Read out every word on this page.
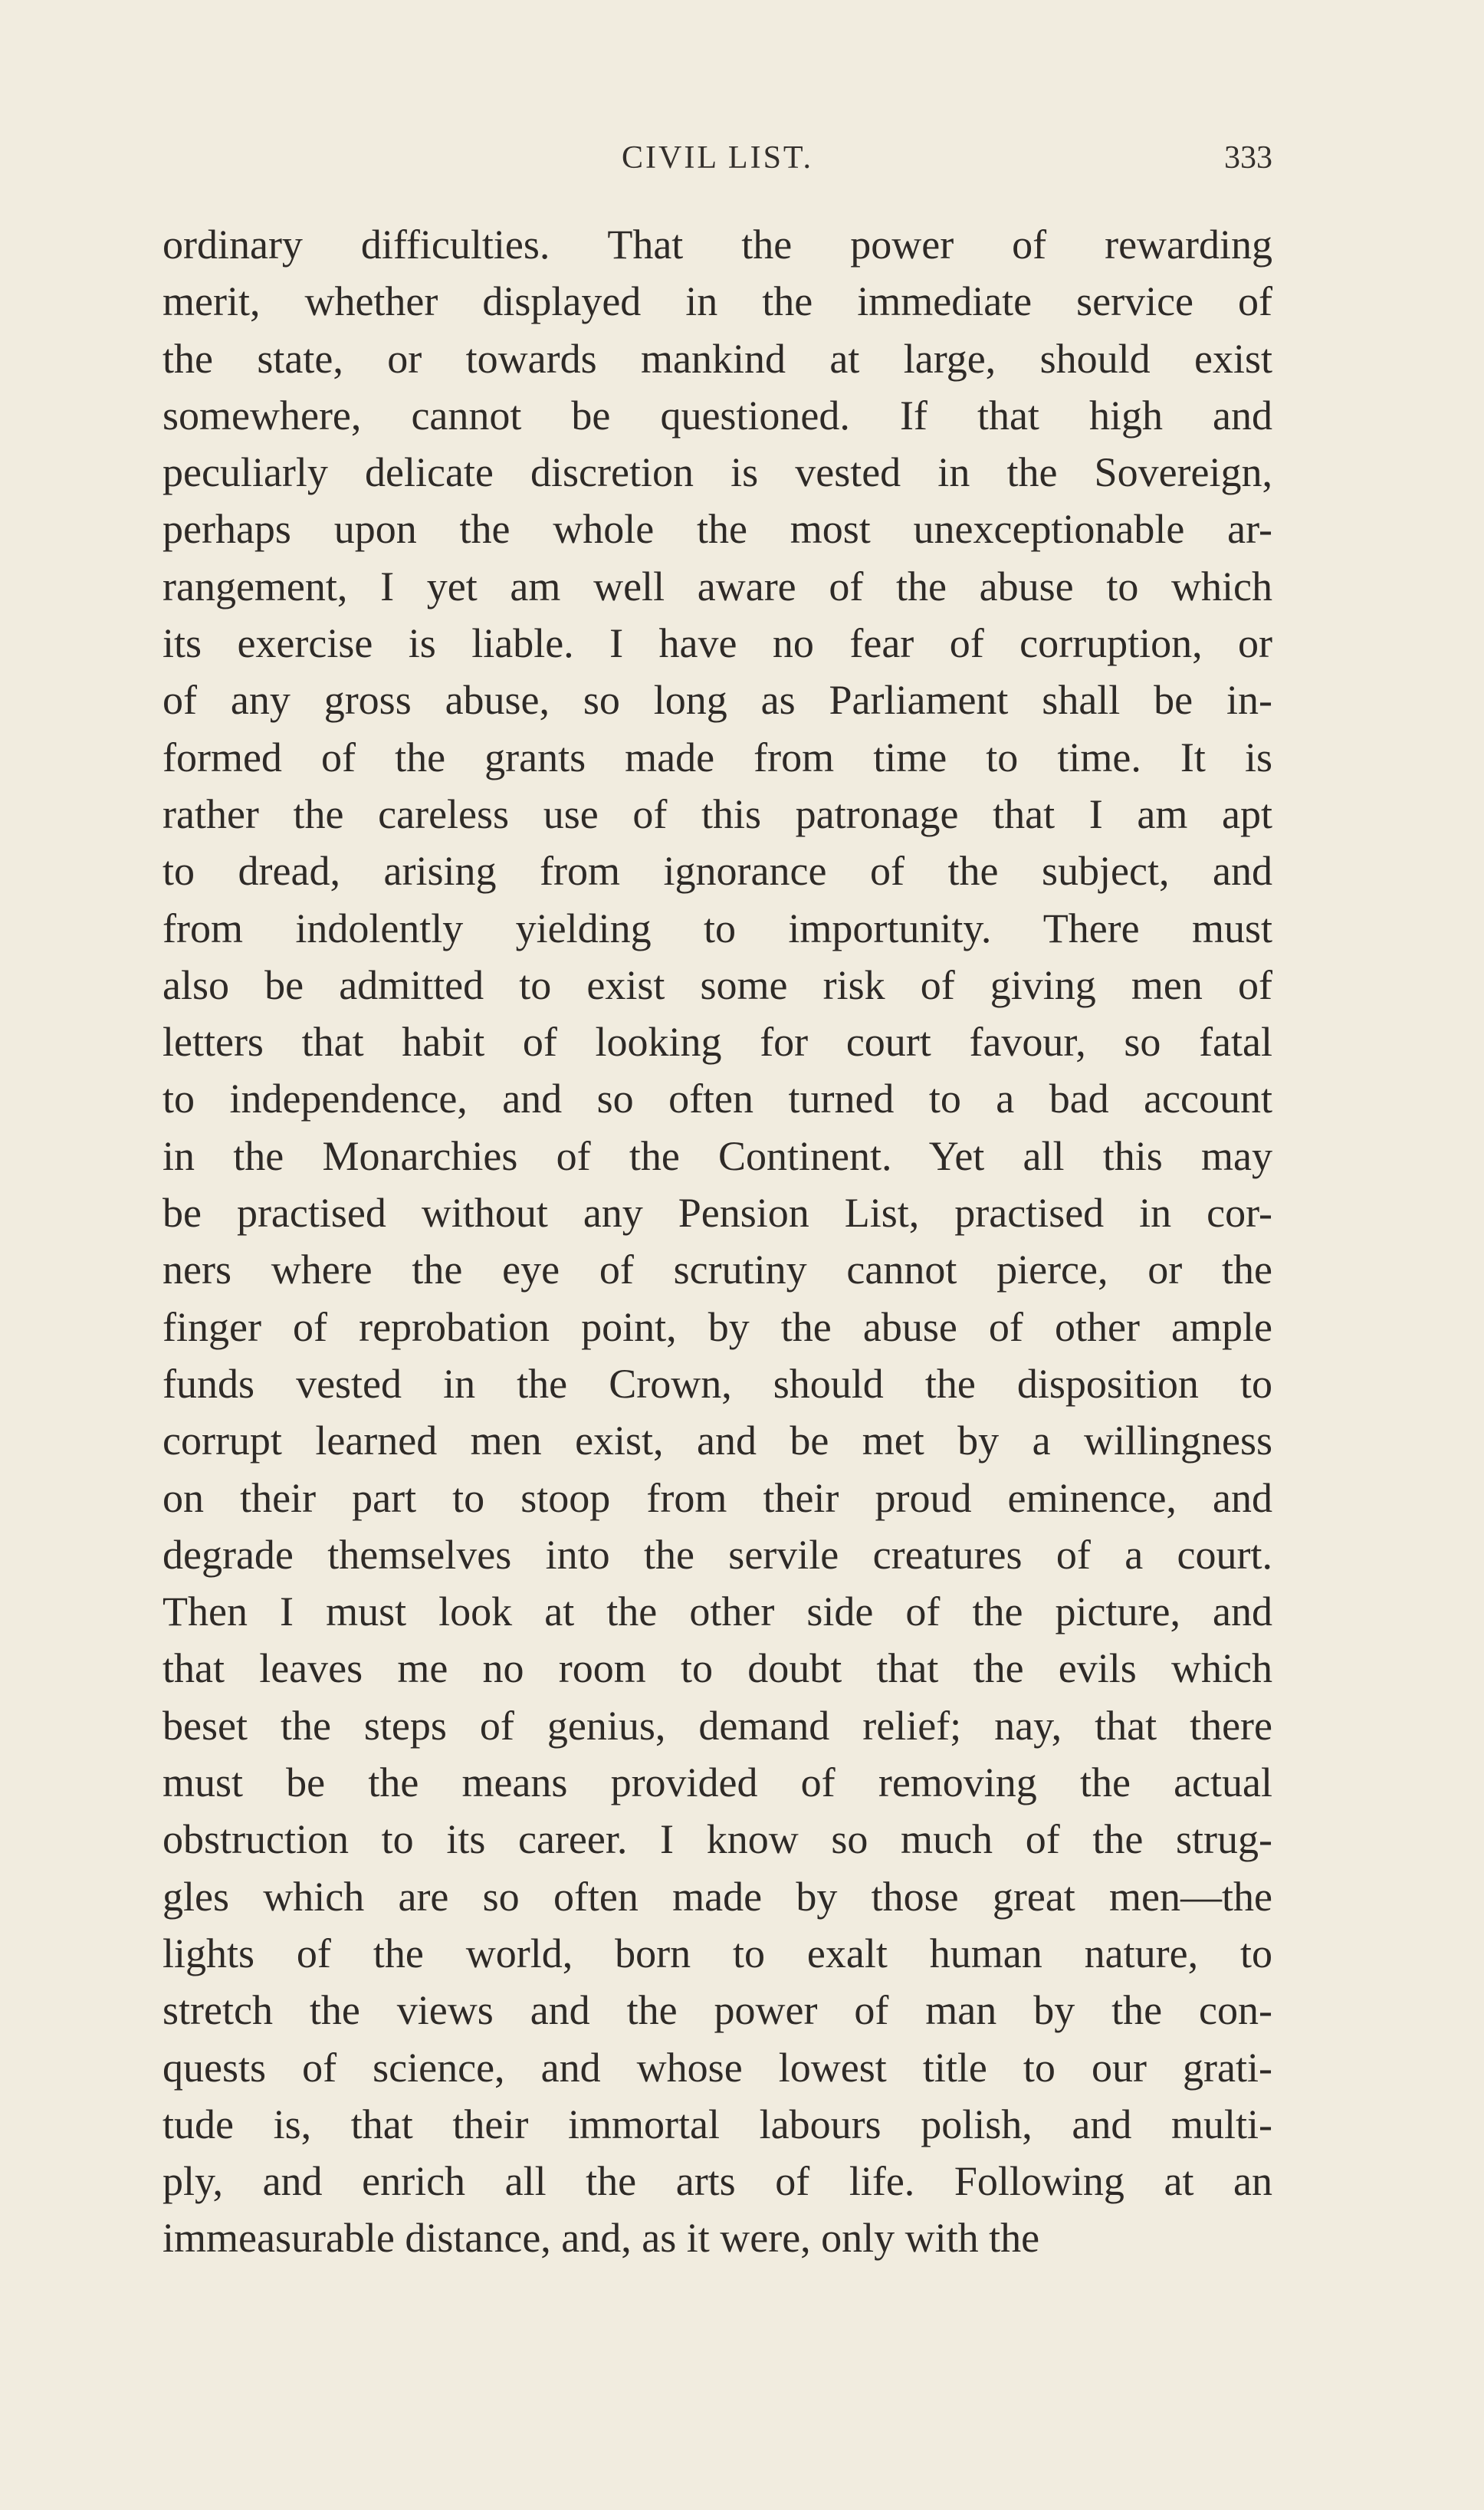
CIVIL LIST.	333
ordinary difficulties. That the power of rewarding
merit, whether displayed in the immediate service of
the state, or towards mankind at large, should exist
somewhere, cannot be questioned. If that high and
peculiarly delicate discretion is vested in the Sovereign,
perhaps upon the whole the most unexceptionable ar-
rangement, I yet am well aware of the abuse to which
its exercise is liable. I have no fear of corruption, or
of any gross abuse, so long as Parliament shall be in-
formed of the grants made from time to time. It is
rather the careless use of this patronage that I am apt
to dread, arising from ignorance of the subject, and
from indolently yielding to importunity. There must
also be admitted to exist some risk of giving men of
letters that habit of looking for court favour, so fatal
to independence, and so often turned to a bad account
in the Monarchies of the Continent. Yet all this may
be practised without any Pension List, practised in cor-
ners where the eye of scrutiny cannot pierce, or the
finger of reprobation point, by the abuse of other ample
funds vested in the Crown, should the disposition to
corrupt learned men exist, and be met by a willingness
on their part to stoop from their proud eminence, and
degrade themselves into the servile creatures of a court.
Then I must look at the other side of the picture, and
that leaves me no room to doubt that the evils which
beset the steps of genius, demand relief; nay, that there
must be the means provided of removing the actual
obstruction to its career. I know so much of the strug-
gles which are so often made by those great men—the
lights of the world, born to exalt human nature, to
stretch the views and the power of man by the con-
quests of science, and whose lowest title to our grati-
tude is, that their immortal labours polish, and multi-
ply, and enrich all the arts of life. Following at an
immeasurable distance, and, as it were, only with the
